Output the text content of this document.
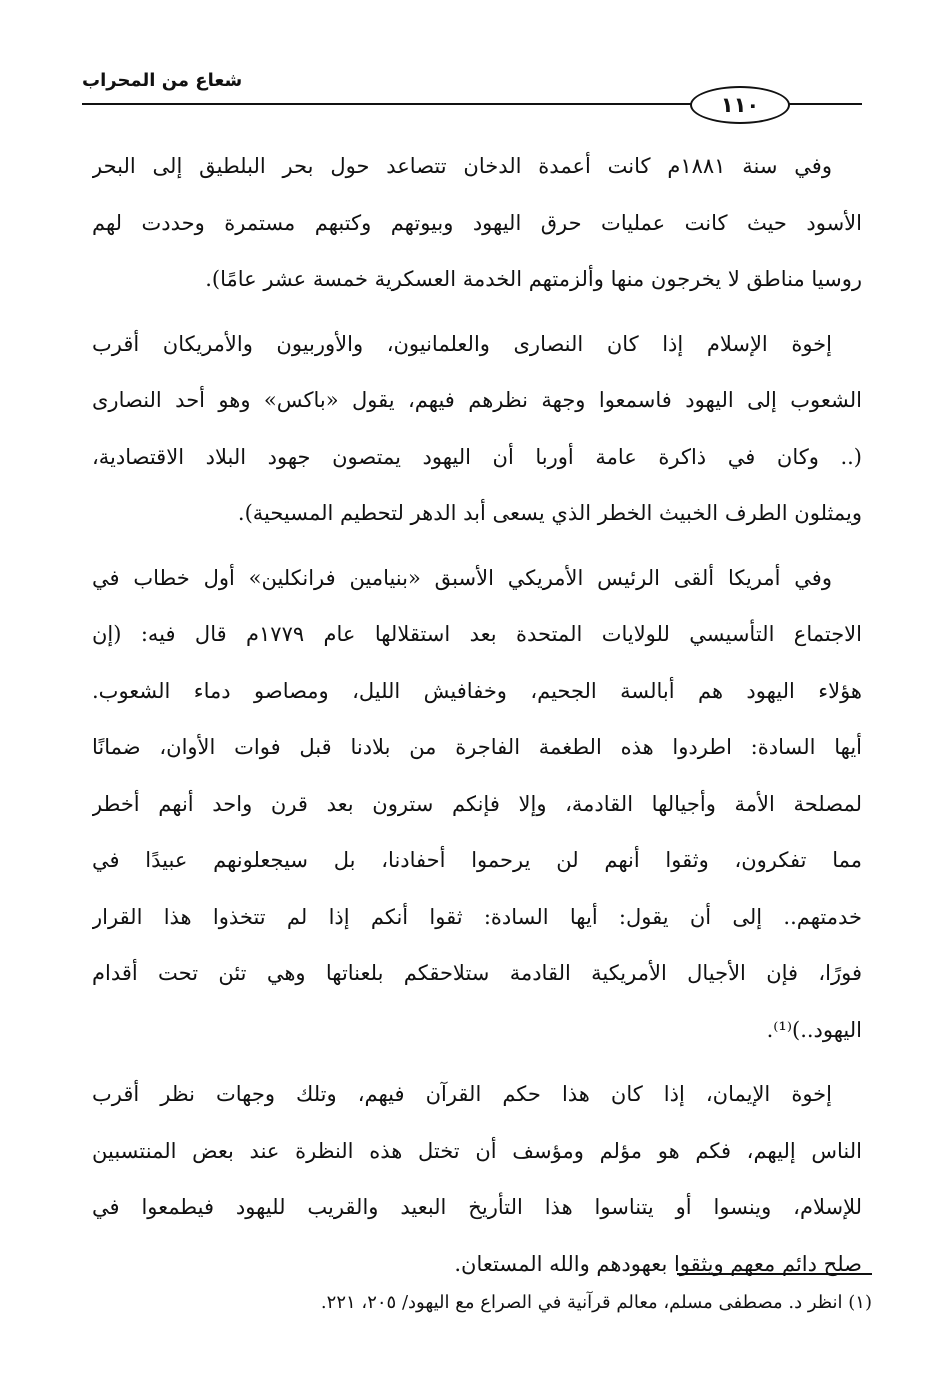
شعاع من المحراب
١١٠

وفي سنة ١٨٨١م كانت أعمدة الدخان تتصاعد حول بحر البلطيق إلى البحر
الأسود حيث كانت عمليات حرق اليهود وبيوتهم وكتبهم مستمرة وحددت لهم
روسيا مناطق لا يخرجون منها وألزمتهم الخدمة العسكرية خمسة عشر عامًا).

إخوة الإسلام إذا كان النصارى والعلمانيون، والأوربيون والأمريكان أقرب
الشعوب إلى اليهود فاسمعوا وجهة نظرهم فيهم، يقول «باكس» وهو أحد النصارى
(.. وكان في ذاكرة عامة أوربا أن اليهود يمتصون جهود البلاد الاقتصادية،
ويمثلون الطرف الخبيث الخطر الذي يسعى أبد الدهر لتحطيم المسيحية).

وفي أمريكا ألقى الرئيس الأمريكي الأسبق «بنيامين فرانكلين» أول خطاب في
الاجتماع التأسيسي للولايات المتحدة بعد استقلالها عام ١٧٧٩م قال فيه: (إن
هؤلاء اليهود هم أبالسة الجحيم، وخفافيش الليل، ومصاصو دماء الشعوب.
أيها السادة: اطردوا هذه الطغمة الفاجرة من بلادنا قبل فوات الأوان، ضمانًا
لمصلحة الأمة وأجيالها القادمة، وإلا فإنكم سترون بعد قرن واحد أنهم أخطر
مما تفكرون، وثقوا أنهم لن يرحموا أحفادنا، بل سيجعلونهم عبيدًا في
خدمتهم.. إلى أن يقول: أيها السادة: ثقوا أنكم إذا لم تتخذوا هذا القرار
فورًا، فإن الأجيال الأمريكية القادمة ستلاحقكم بلعناتها وهي تئن تحت أقدام
اليهود..)⁽¹⁾.

إخوة الإيمان، إذا كان هذا حكم القرآن فيهم، وتلك وجهات نظر أقرب
الناس إليهم، فكم هو مؤلم ومؤسف أن تختل هذه النظرة عند بعض المنتسبين
للإسلام، وينسوا أو يتناسوا هذا التأريخ البعيد والقريب لليهود فيطمعوا في
صلح دائم معهم ويثقوا بعهودهم والله المستعان.

(١) انظر د. مصطفى مسلم، معالم قرآنية في الصراع مع اليهود/ ٢٠٥، ٢٢١.
